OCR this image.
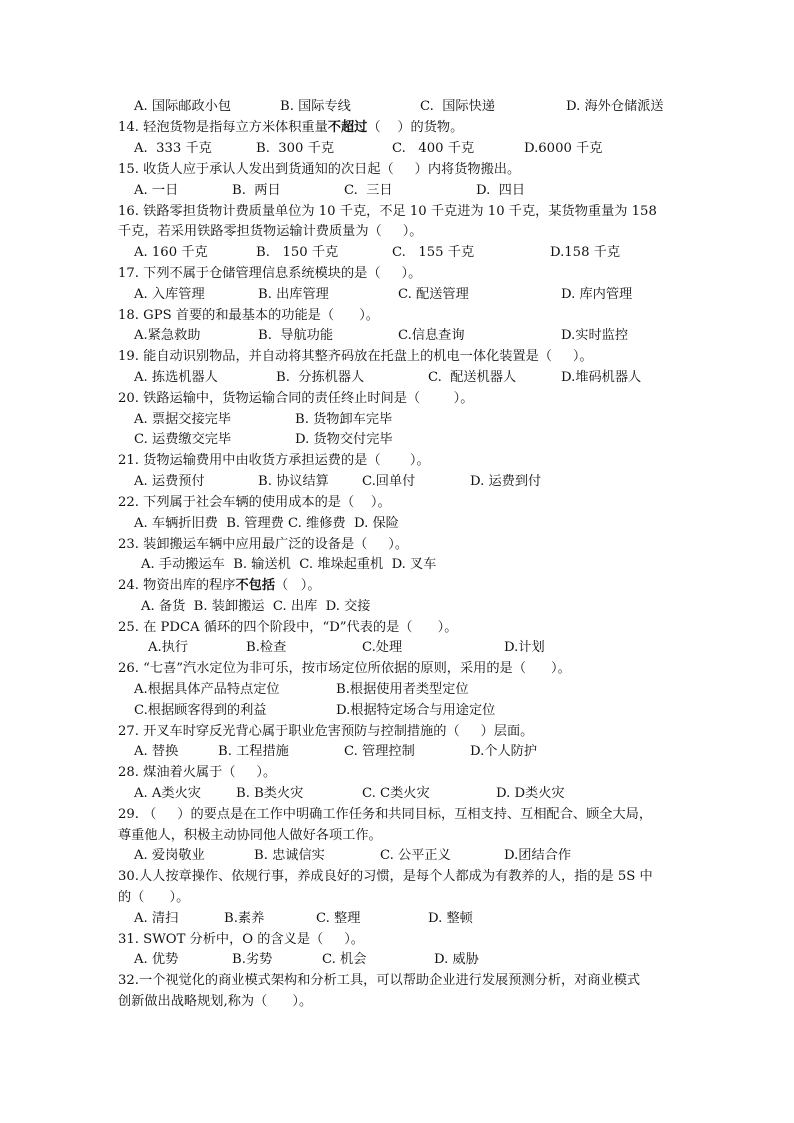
A. 国际邮政小包	B. 国际专线	C.  国际快递	D. 海外仓储派送
14. 轻泡货物是指每立方米体积重量不超过（    ）的货物。
A.  333 千克	B.  300 千克	C.   400 千克	D.6000 千克
15. 收货人应于承认人发出到货通知的次日起（     ）内将货物搬出。
A. 一日	B.  两日	C.  三日	D.  四日
16. 铁路零担货物计费质量单位为 10 千克，不足 10 千克进为 10 千克，某货物重量为 158
千克，若采用铁路零担货物运输计费质量为（     ）。
A. 160 千克	B.   150 千克	C.   155 千克	D.158 千克
17. 下列不属于仓储管理信息系统模块的是（     ）。
A. 入库管理	B. 出库管理	C. 配送管理	D. 库内管理
18. GPS 首要的和最基本的功能是（      ）。
A.紧急救助	B.  导航功能	C.信息查询	D.实时监控
19. 能自动识别物品，并自动将其整齐码放在托盘上的机电一体化装置是（     ）。
A. 拣选机器人	B.  分拣机器人	C.  配送机器人	D.堆码机器人
20. 铁路运输中，货物运输合同的责任终止时间是（        ）。
A. 票据交接完毕	B. 货物卸车完毕
C. 运费缴交完毕	D. 货物交付完毕
21. 货物运输费用中由收货方承担运费的是（       ）。
A. 运费预付	B. 协议结算	C.回单付	D. 运费到付
22. 下列属于社会车辆的使用成本的是（    ）。
A. 车辆折旧费  B. 管理费 C. 维修费  D. 保险
23. 装卸搬运车辆中应用最广泛的设备是（     ）。
A. 手动搬运车  B. 输送机  C. 堆垛起重机  D. 叉车
24. 物资出库的程序不包括（   ）。
A. 备货  B. 装卸搬运  C. 出库  D. 交接
25. 在 PDCA 循环的四个阶段中，“D”代表的是（      ）。
A.执行	B.检查	C.处理	D.计划
26. “七喜”汽水定位为非可乐，按市场定位所依据的原则，采用的是（      ）。
A.根据具体产品特点定位	B.根据使用者类型定位
C.根据顾客得到的利益	D.根据特定场合与用途定位
27. 开叉车时穿反光背心属于职业危害预防与控制措施的（     ）层面。
A. 替换	B. 工程措施	C. 管理控制	D.个人防护
28. 煤油着火属于（     ）。
A. A类火灾	B. B类火灾	C. C类火灾	D. D类火灾
29. （     ）的要点是在工作中明确工作任务和共同目标，互相支持、互相配合、顾全大局，
尊重他人，积极主动协同他人做好各项工作。
A. 爱岗敬业	B. 忠诚信实	C. 公平正义	D.团结合作
30.人人按章操作、依规行事，养成良好的习惯，是每个人都成为有教养的人，指的是 5S 中
的（      ）。
A. 清扫	B.素养	C. 整理	D. 整顿
31. SWOT 分析中，O 的含义是（     ）。
A. 优势	B.劣势	C. 机会	D. 威胁
32.一个视觉化的商业模式架构和分析工具，可以帮助企业进行发展预测分析，对商业模式
创新做出战略规划,称为（      ）。
